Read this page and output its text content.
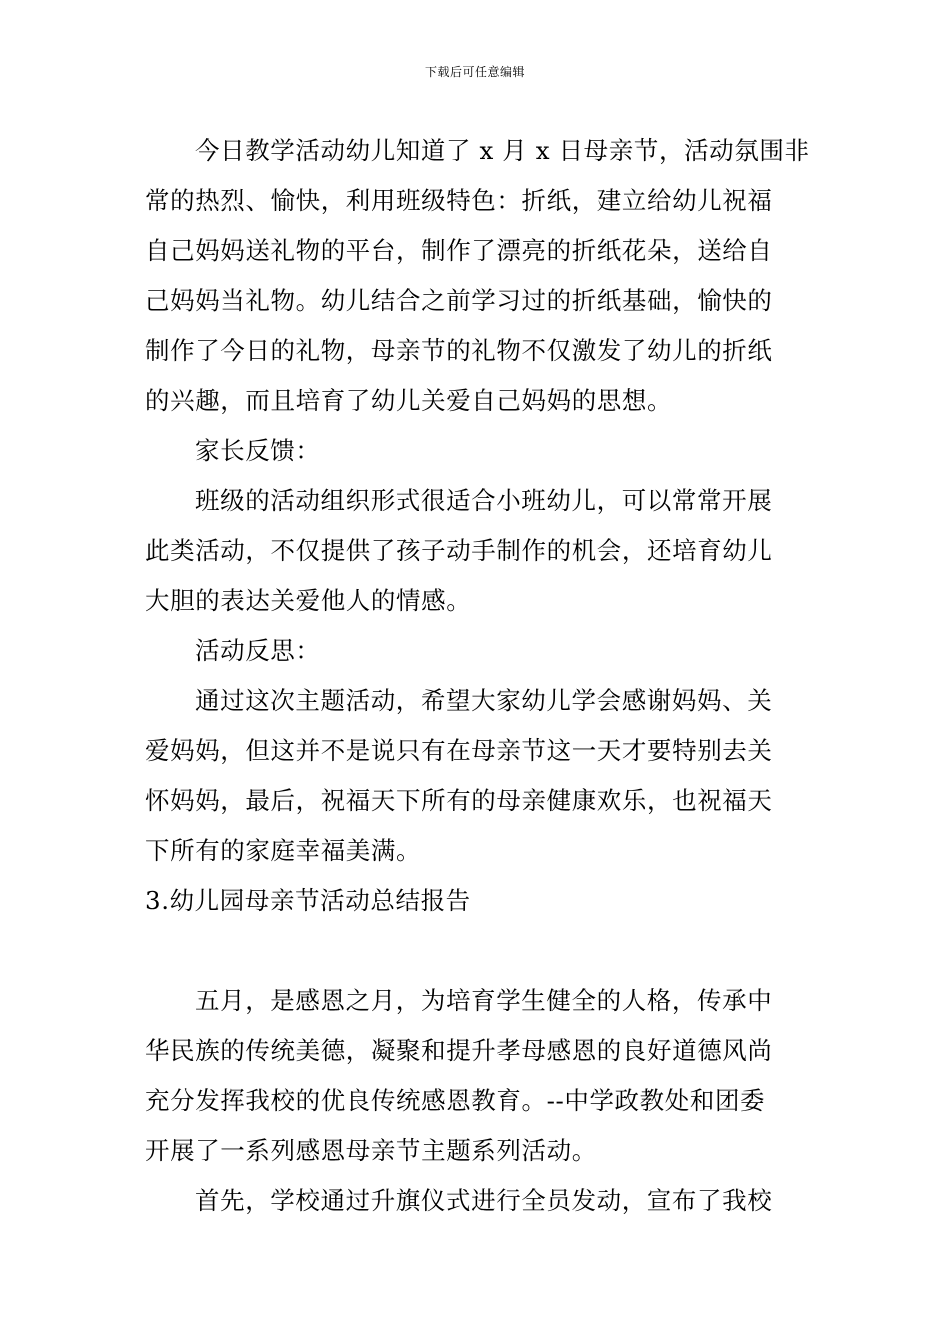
下载后可任意编辑
今日教学活动幼儿知道了 x 月 x 日母亲节，活动氛围非
常的热烈、愉快，利用班级特色：折纸，建立给幼儿祝福
自己妈妈送礼物的平台，制作了漂亮的折纸花朵，送给自
己妈妈当礼物。幼儿结合之前学习过的折纸基础，愉快的
制作了今日的礼物，母亲节的礼物不仅激发了幼儿的折纸
的兴趣，而且培育了幼儿关爱自己妈妈的思想。
家长反馈：
班级的活动组织形式很适合小班幼儿，可以常常开展
此类活动，不仅提供了孩子动手制作的机会，还培育幼儿
大胆的表达关爱他人的情感。
活动反思：
通过这次主题活动，希望大家幼儿学会感谢妈妈、关
爱妈妈，但这并不是说只有在母亲节这一天才要特别去关
怀妈妈，最后，祝福天下所有的母亲健康欢乐，也祝福天
下所有的家庭幸福美满。
3.幼儿园母亲节活动总结报告
五月，是感恩之月，为培育学生健全的人格，传承中
华民族的传统美德，凝聚和提升孝母感恩的良好道德风尚
充分发挥我校的优良传统感恩教育。--中学政教处和团委
开展了一系列感恩母亲节主题系列活动。
首先，学校通过升旗仪式进行全员发动，宣布了我校
